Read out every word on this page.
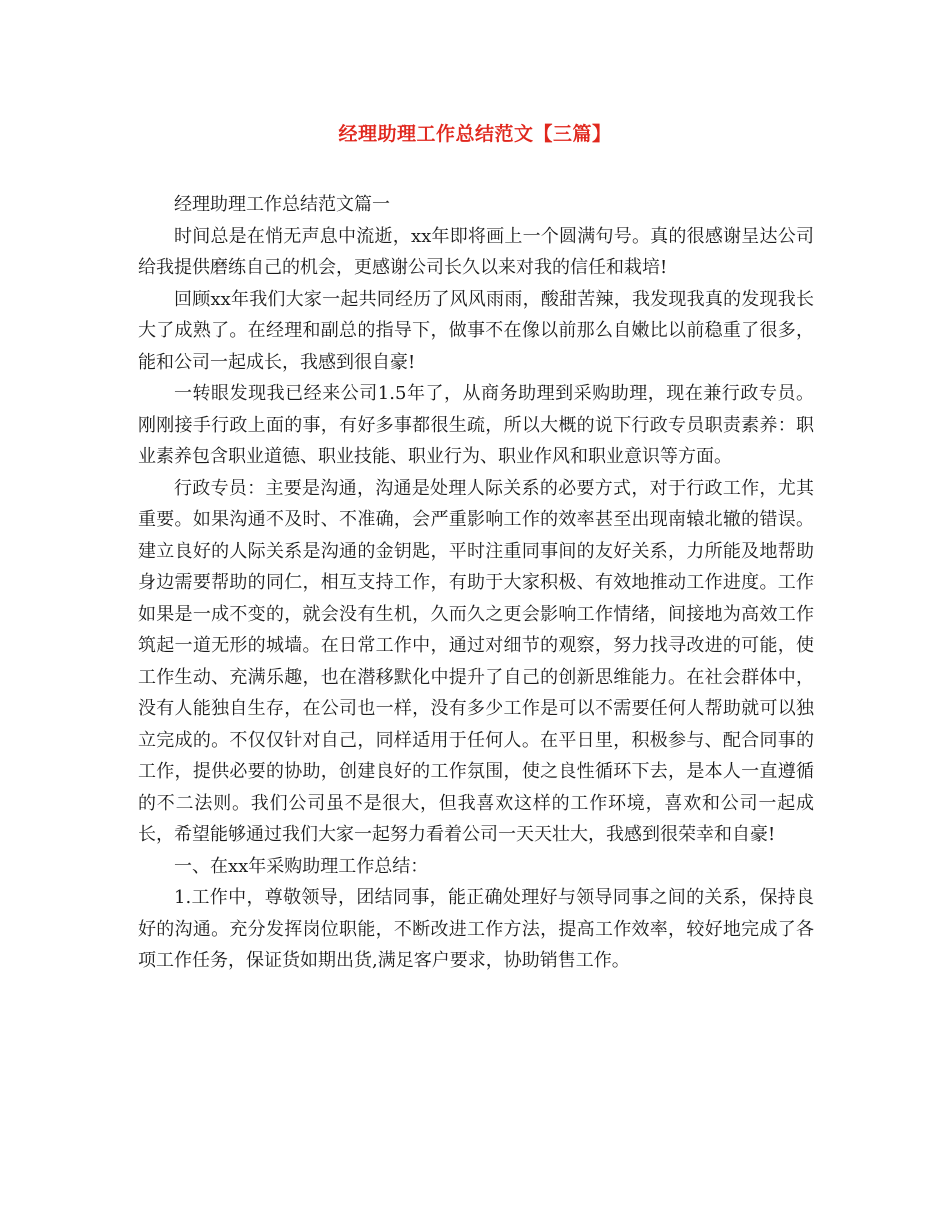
经理助理工作总结范文【三篇】

经理助理工作总结范文篇一

时间总是在悄无声息中流逝，xx年即将画上一个圆满句号。真的很感谢呈达公司给我提供磨练自己的机会，更感谢公司长久以来对我的信任和栽培!

回顾xx年我们大家一起共同经历了风风雨雨，酸甜苦辣，我发现我真的发现我长大了成熟了。在经理和副总的指导下，做事不在像以前那么自嫩比以前稳重了很多，能和公司一起成长，我感到很自豪!

一转眼发现我已经来公司1.5年了，从商务助理到采购助理，现在兼行政专员。刚刚接手行政上面的事，有好多事都很生疏，所以大概的说下行政专员职责素养：职业素养包含职业道德、职业技能、职业行为、职业作风和职业意识等方面。

行政专员：主要是沟通，沟通是处理人际关系的必要方式，对于行政工作，尤其重要。如果沟通不及时、不准确，会严重影响工作的效率甚至出现南辕北辙的错误。建立良好的人际关系是沟通的金钥匙，平时注重同事间的友好关系，力所能及地帮助身边需要帮助的同仁，相互支持工作，有助于大家积极、有效地推动工作进度。工作如果是一成不变的，就会没有生机，久而久之更会影响工作情绪，间接地为高效工作筑起一道无形的城墙。在日常工作中，通过对细节的观察，努力找寻改进的可能，使工作生动、充满乐趣，也在潜移默化中提升了自己的创新思维能力。在社会群体中，没有人能独自生存，在公司也一样，没有多少工作是可以不需要任何人帮助就可以独立完成的。不仅仅针对自己，同样适用于任何人。在平日里，积极参与、配合同事的工作，提供必要的协助，创建良好的工作氛围，使之良性循环下去，是本人一直遵循的不二法则。我们公司虽不是很大，但我喜欢这样的工作环境，喜欢和公司一起成长，希望能够通过我们大家一起努力看着公司一天天壮大，我感到很荣幸和自豪!

一、在xx年采购助理工作总结：

1.工作中，尊敬领导，团结同事，能正确处理好与领导同事之间的关系，保持良好的沟通。充分发挥岗位职能，不断改进工作方法，提高工作效率，较好地完成了各项工作任务，保证货如期出货,满足客户要求，协助销售工作。
